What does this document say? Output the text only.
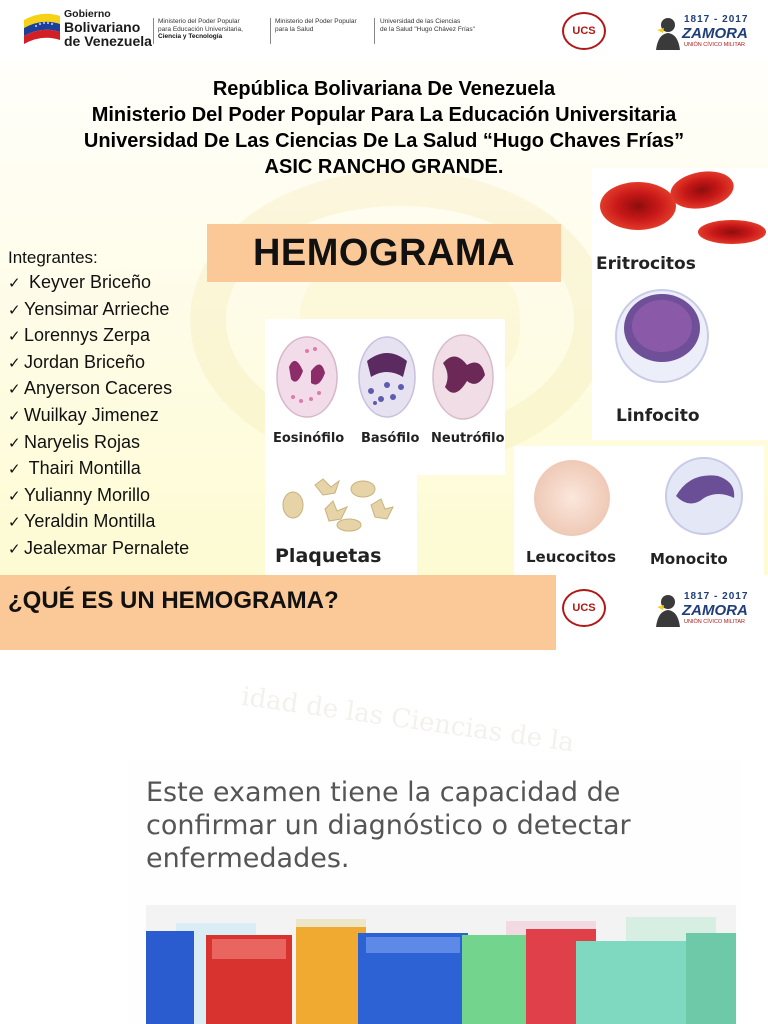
Gobierno
Bolivariano
de Venezuela
Ministerio del Poder Popular
para Educación Universitaria,
Ciencia y Tecnología
Ministerio del Poder Popular
para la Salud
Universidad de las Ciencias
de la Salud "Hugo Chávez Frías"	UCS
1817 - 2017
ZAMORA
UNIÓN CÍVICO MILITAR
República Bolivariana De Venezuela
Ministerio Del Poder Popular Para La Educación Universitaria
Universidad De Las Ciencias De La Salud “Hugo Chaves Frías”
ASIC RANCHO GRANDE.
Eritrocitos
Linfocito
HEMOGRAMA
Integrantes:
✓ Keyver Briceño
✓ Yensimar Arrieche
✓ Lorennys Zerpa
✓ Jordan Briceño
✓ Anyerson Caceres
✓ Wuilkay Jimenez
✓ Naryelis Rojas
✓ Thairi Montilla
✓ Yulianny Morillo
✓ Yeraldin Montilla
✓ Jealexmar Pernalete
Eosinófilo Basófilo Neutrófilo
Plaquetas	Leucocitos Monocito
¿QUÉ ES UN HEMOGRAMA?	UCS
1817 - 2017
ZAMORA
UNIÓN CÍVICO MILITAR
idad de las Ciencias de la
Este examen tiene la capacidad de confirmar un diagnóstico o detectar enfermedades.
